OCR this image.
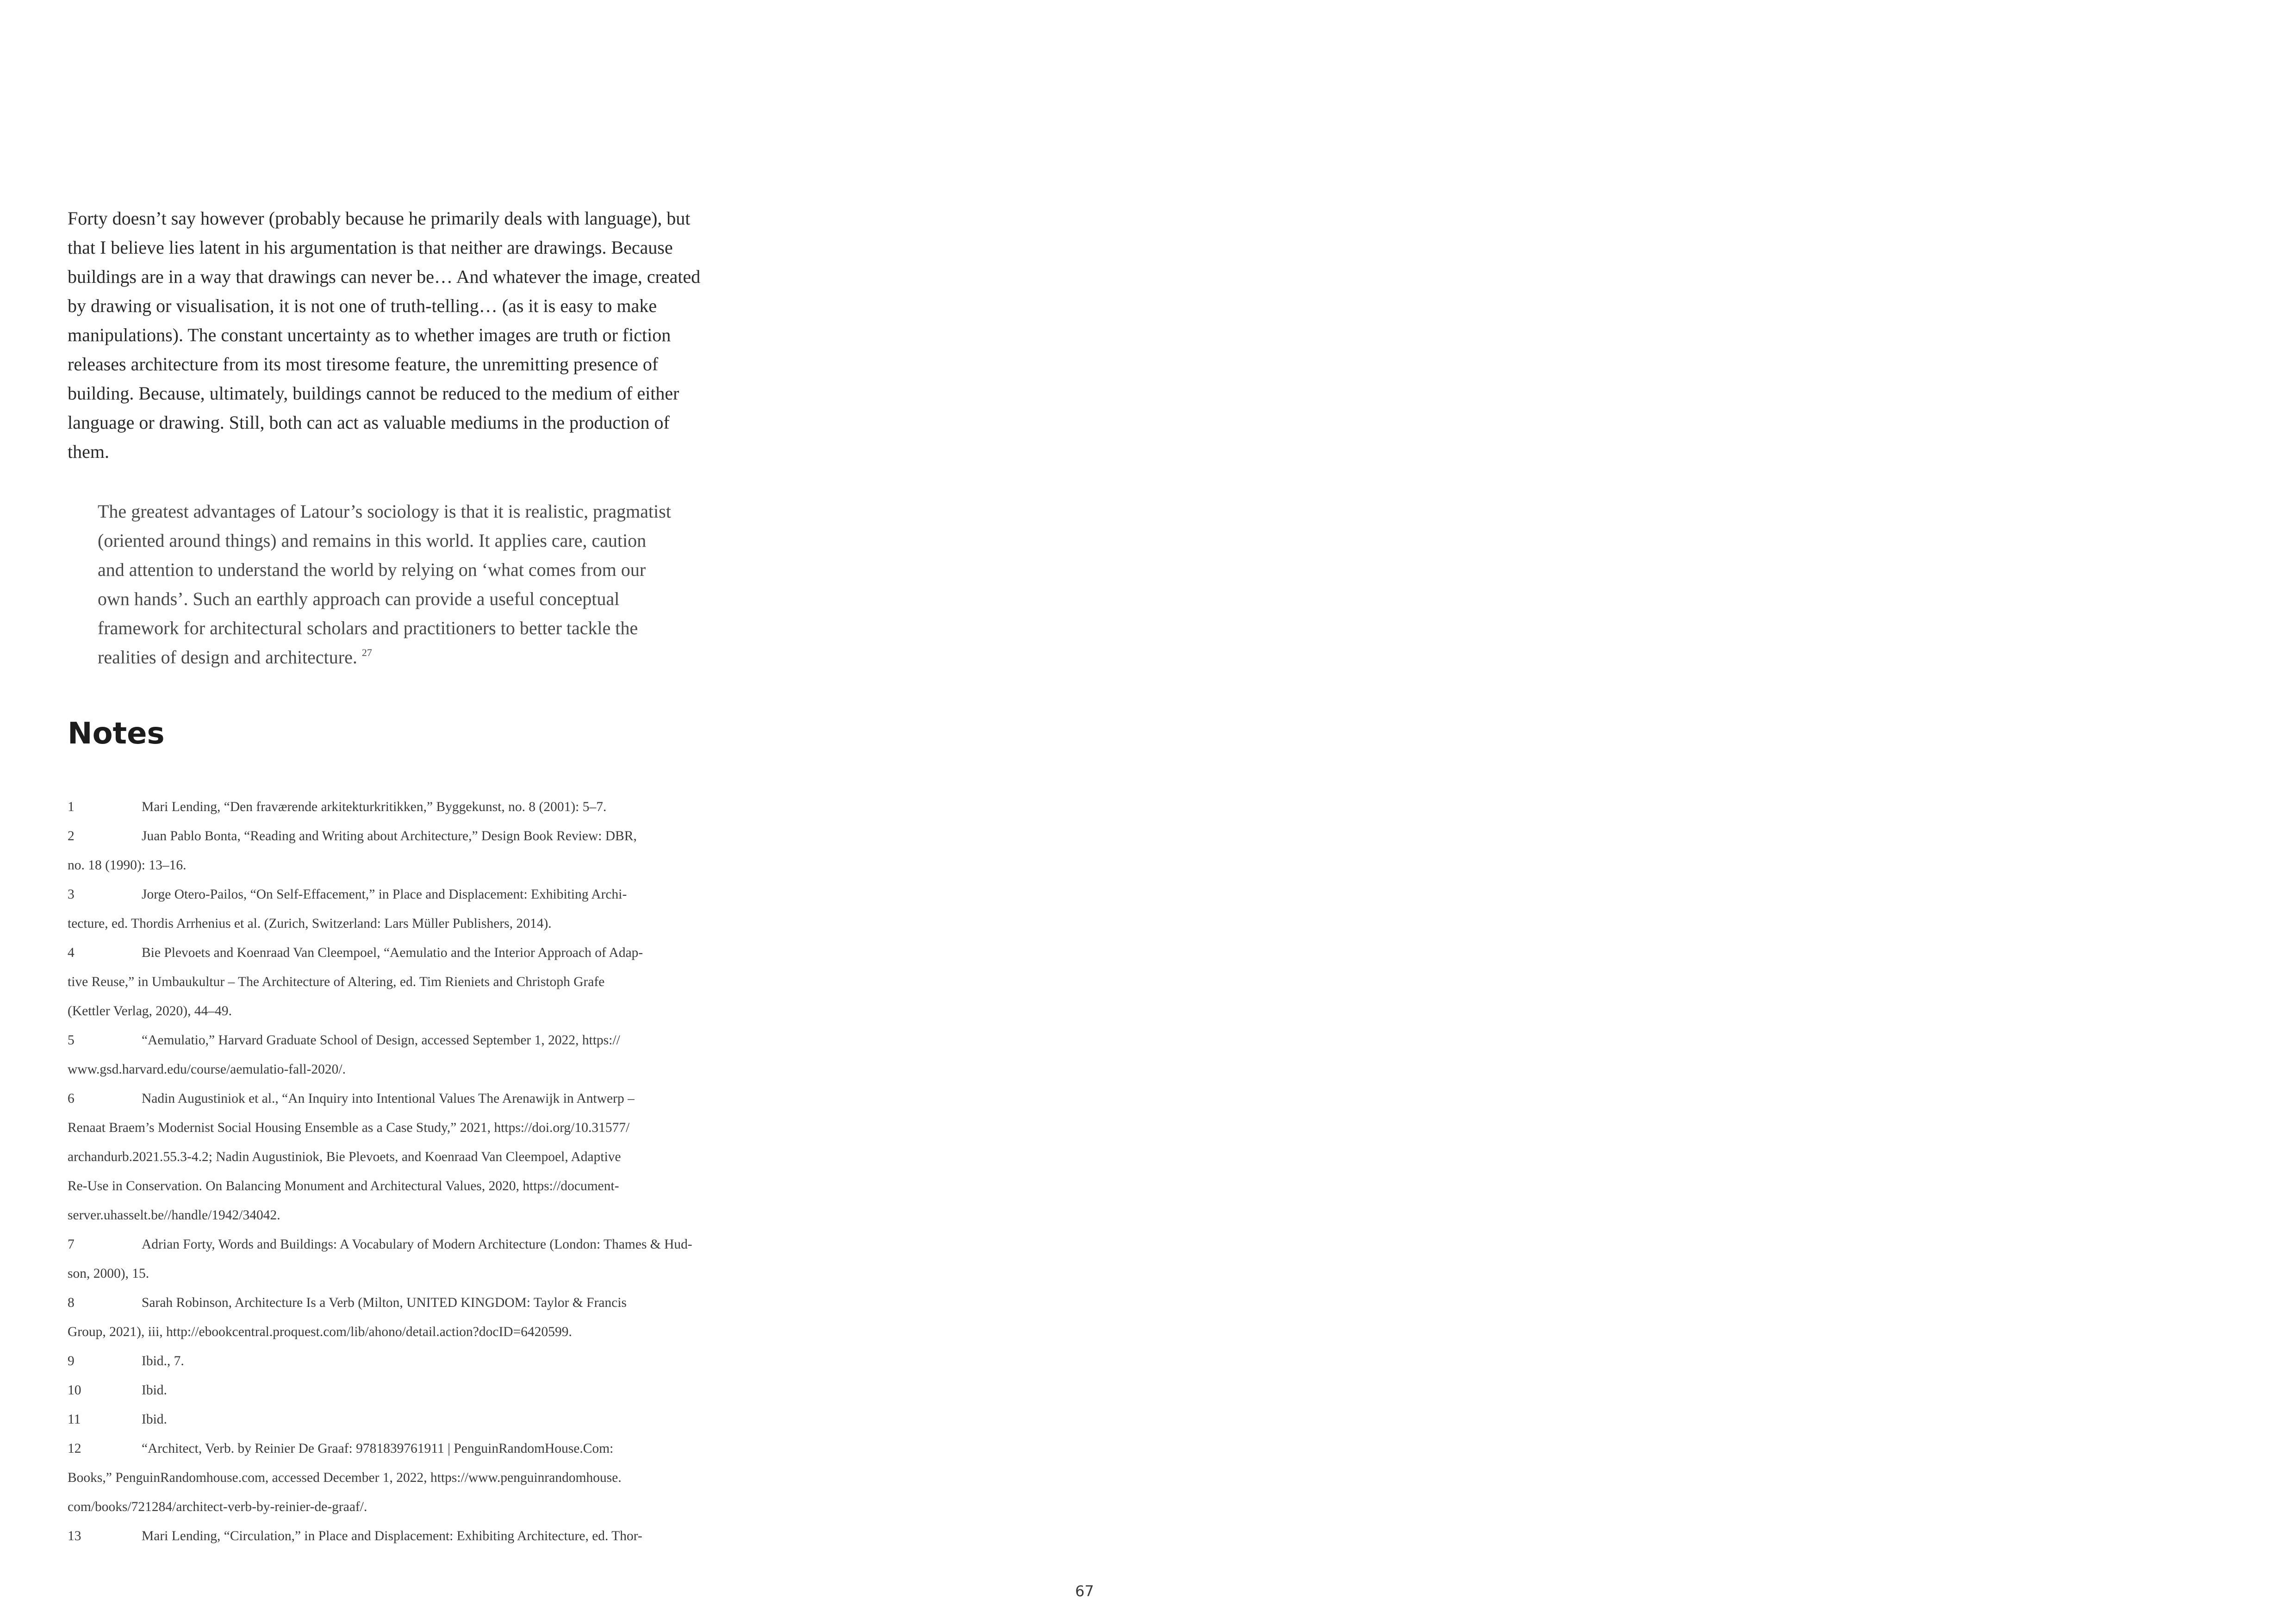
Forty doesn’t say however (probably because he primarily deals with language), but

that I believe lies latent in his argumentation is that neither are drawings. Because

buildings are in a way that drawings can never be… And whatever the image, created

by drawing or visualisation, it is not one of truth-telling… (as it is easy to make

manipulations). The constant uncertainty as to whether images are truth or fiction

releases architecture from its most tiresome feature, the unremitting presence of

building. Because, ultimately, buildings cannot be reduced to the medium of either

language or drawing. Still, both can act as valuable mediums in the production of

them.

The greatest advantages of Latour’s sociology is that it is realistic, pragmatist

(oriented around things) and remains in this world. It applies care, caution

and attention to understand the world by relying on ‘what comes from our

own hands’. Such an earthly approach can provide a useful conceptual

framework for architectural scholars and practitioners to better tackle the

realities of design and architecture. $^{27}$

Notes
1	Mari Lending, “Den fraværende arkitekturkritikken,” Byggekunst, no. 8 (2001): 5–7.
2	Juan Pablo Bonta, “Reading and Writing about Architecture,” Design Book Review: DBR,
no. 18 (1990): 13–16.
3	Jorge Otero-Pailos, “On Self-Effacement,” in Place and Displacement: Exhibiting Archi-
tecture, ed. Thordis Arrhenius et al. (Zurich, Switzerland: Lars Müller Publishers, 2014).
4	Bie Plevoets and Koenraad Van Cleempoel, “Aemulatio and the Interior Approach of Adap-
tive Reuse,” in Umbaukultur – The Architecture of Altering, ed. Tim Rieniets and Christoph Grafe
(Kettler Verlag, 2020), 44–49.
5	“Aemulatio,” Harvard Graduate School of Design, accessed September 1, 2022, https://
www.gsd.harvard.edu/course/aemulatio-fall-2020/.
6	Nadin Augustiniok et al., “An Inquiry into Intentional Values The Arenawijk in Antwerp –
Renaat Braem’s Modernist Social Housing Ensemble as a Case Study,” 2021, https://doi.org/10.31577/
archandurb.2021.55.3-4.2; Nadin Augustiniok, Bie Plevoets, and Koenraad Van Cleempoel, Adaptive
Re-Use in Conservation. On Balancing Monument and Architectural Values, 2020, https://document-
server.uhasselt.be//handle/1942/34042.
7	Adrian Forty, Words and Buildings: A Vocabulary of Modern Architecture (London: Thames & Hud-
son, 2000), 15.
8	Sarah Robinson, Architecture Is a Verb (Milton, UNITED KINGDOM: Taylor & Francis
Group, 2021), iii, http://ebookcentral.proquest.com/lib/ahono/detail.action?docID=6420599.
9	Ibid., 7.
10	Ibid.
11	Ibid.
12	“Architect, Verb. by Reinier De Graaf: 9781839761911 | PenguinRandomHouse.Com:
Books,” PenguinRandomhouse.com, accessed December 1, 2022, https://www.penguinrandomhouse.
com/books/721284/architect-verb-by-reinier-de-graaf/.
13	Mari Lending, “Circulation,” in Place and Displacement: Exhibiting Architecture, ed. Thor-
67
